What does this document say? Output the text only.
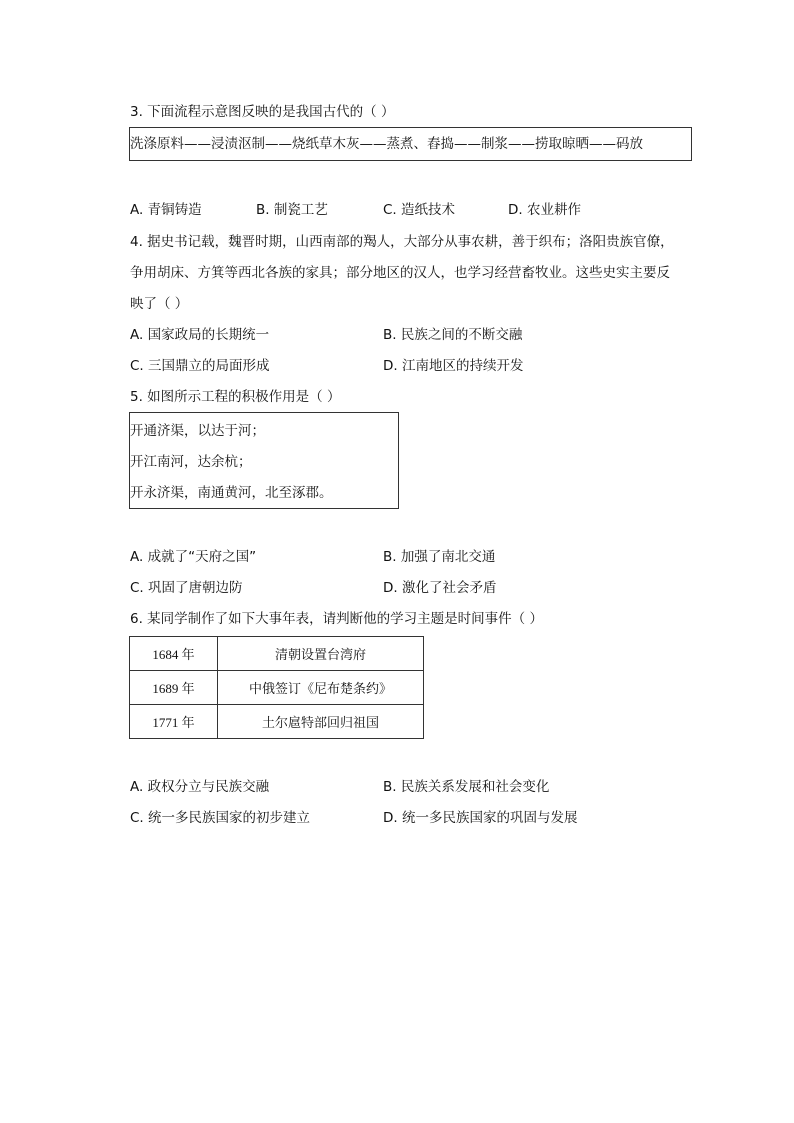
3. 下面流程示意图反映的是我国古代的（ ）
洗涤原料——浸渍沤制——烧纸草木灰——蒸煮、舂捣——制浆——捞取晾晒——码放
A. 青铜铸造	B. 制瓷工艺	C. 造纸技术	D. 农业耕作
4. 据史书记载，魏晋时期，山西南部的羯人，大部分从事农耕，善于织布；洛阳贵族官僚，
争用胡床、方箕等西北各族的家具；部分地区的汉人，也学习经营畜牧业。这些史实主要反
映了（ ）
A. 国家政局的长期统一	B. 民族之间的不断交融
C. 三国鼎立的局面形成	D. 江南地区的持续开发
5. 如图所示工程的积极作用是（ ）
开通济渠，以达于河；
开江南河，达余杭；
开永济渠，南通黄河，北至涿郡。
A. 成就了“天府之国”	B. 加强了南北交通
C. 巩固了唐朝边防	D. 激化了社会矛盾
6. 某同学制作了如下大事年表，请判断他的学习主题是时间事件（ ）
1684 年	清朝设置台湾府
1689 年	中俄签订《尼布楚条约》
1771 年	土尔扈特部回归祖国
A. 政权分立与民族交融	B. 民族关系发展和社会变化
C. 统一多民族国家的初步建立	D. 统一多民族国家的巩固与发展
